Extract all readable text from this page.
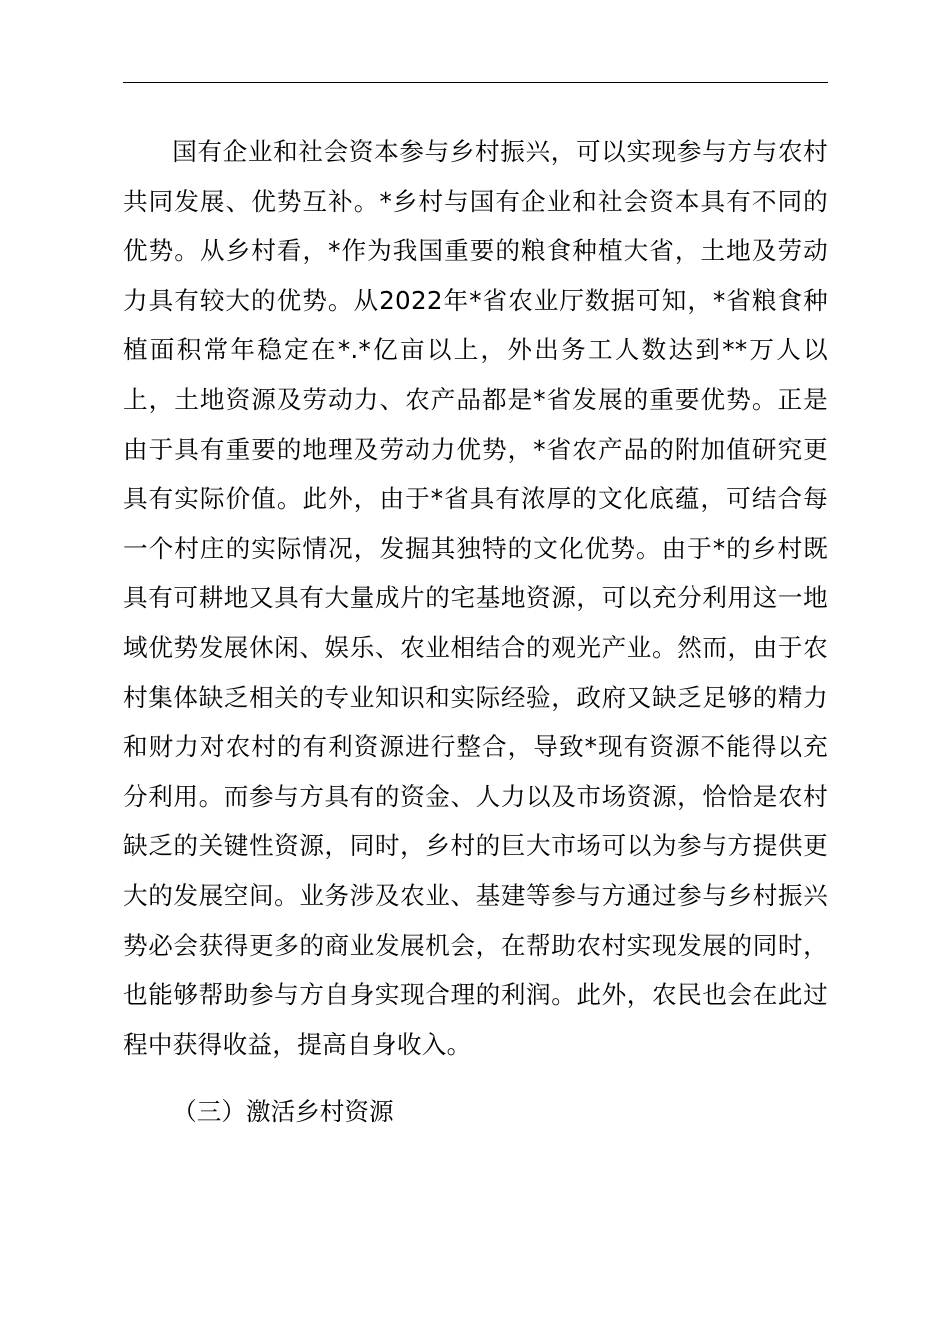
国有企业和社会资本参与乡村振兴，可以实现参与方与农村共同发展、优势互补。*乡村与国有企业和社会资本具有不同的优势。从乡村看，*作为我国重要的粮食种植大省，土地及劳动力具有较大的优势。从2022年*省农业厅数据可知，*省粮食种植面积常年稳定在*.*亿亩以上，外出务工人数达到**万人以上，土地资源及劳动力、农产品都是*省发展的重要优势。正是由于具有重要的地理及劳动力优势，*省农产品的附加值研究更具有实际价值。此外，由于*省具有浓厚的文化底蕴，可结合每一个村庄的实际情况，发掘其独特的文化优势。由于*的乡村既具有可耕地又具有大量成片的宅基地资源，可以充分利用这一地域优势发展休闲、娱乐、农业相结合的观光产业。然而，由于农村集体缺乏相关的专业知识和实际经验，政府又缺乏足够的精力和财力对农村的有利资源进行整合，导致*现有资源不能得以充分利用。而参与方具有的资金、人力以及市场资源，恰恰是农村缺乏的关键性资源，同时，乡村的巨大市场可以为参与方提供更大的发展空间。业务涉及农业、基建等参与方通过参与乡村振兴势必会获得更多的商业发展机会，在帮助农村实现发展的同时，也能够帮助参与方自身实现合理的利润。此外，农民也会在此过程中获得收益，提高自身收入。

（三）激活乡村资源
